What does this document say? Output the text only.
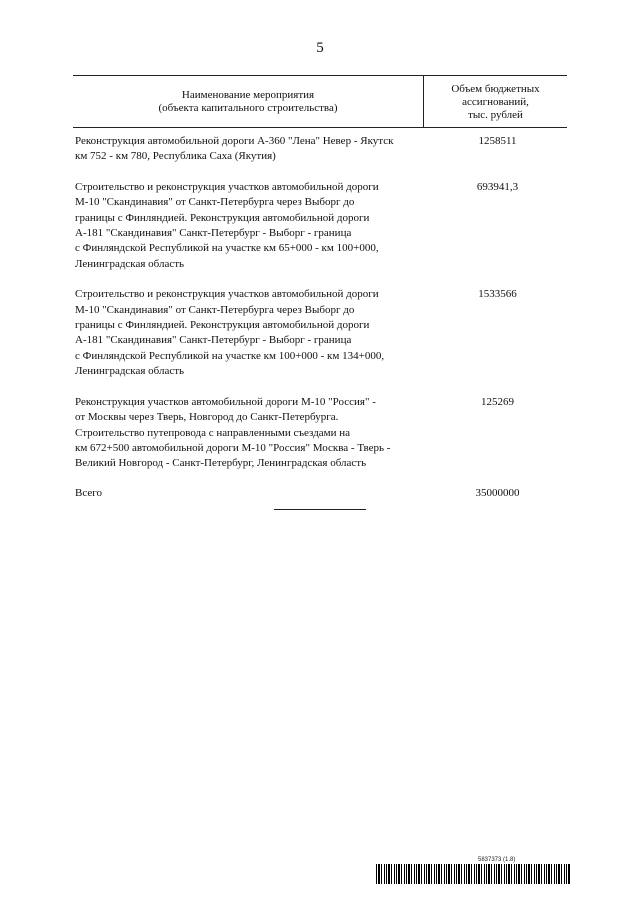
5
Наименование мероприятия
(объекта капитального строительства)
Объем бюджетных
ассигнований,
тыс. рублей
Реконструкция автомобильной дороги А-360 "Лена" Невер - Якутск
км 752 - км 780, Республика Саха (Якутия)
1258511
Строительство и реконструкция участков автомобильной дороги
М-10 "Скандинавия" от Санкт-Петербурга через Выборг до
границы с Финляндией. Реконструкция автомобильной дороги
А-181 "Скандинавия" Санкт-Петербург - Выборг - граница
с Финляндской Республикой на участке км 65+000 - км 100+000,
Ленинградская область
693941,3
Строительство и реконструкция участков автомобильной дороги
М-10 "Скандинавия" от Санкт-Петербурга через Выборг до
границы с Финляндией. Реконструкция автомобильной дороги
А-181 "Скандинавия" Санкт-Петербург - Выборг - граница
с Финляндской Республикой на участке км 100+000 - км 134+000,
Ленинградская область
1533566
Реконструкция участков автомобильной дороги М-10 "Россия" -
от Москвы через Тверь, Новгород до Санкт-Петербурга.
Строительство путепровода с направленными съездами на
км 672+500 автомобильной дороги М-10 "Россия" Москва - Тверь -
Великий Новгород - Санкт-Петербург, Ленинградская область
125269
Всего	35000000
5837373 (1.8)
